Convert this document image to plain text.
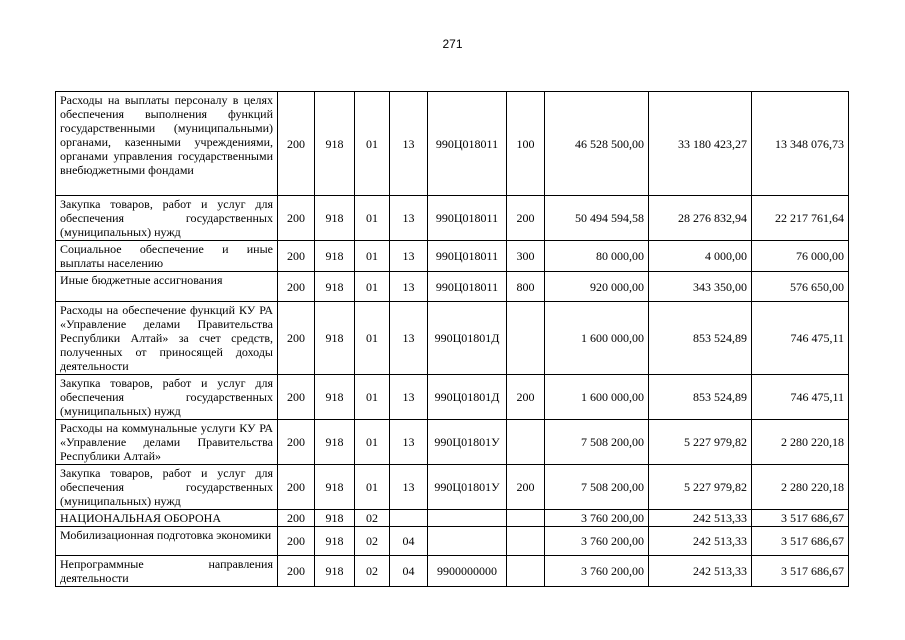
271
Расходы на выплаты персоналу в целях обеспечения выполнения функций государственными (муниципальными) органами, казенными учреждениями, органами управления государственными внебюджетными фондами	200	918	01	13	990Ц018011	100	46 528 500,00	33 180 423,27	13 348 076,73
Закупка товаров, работ и услуг для обеспечения государственных (муниципальных) нужд	200	918	01	13	990Ц018011	200	50 494 594,58	28 276 832,94	22 217 761,64
Социальное обеспечение и иные выплаты населению	200	918	01	13	990Ц018011	300	80 000,00	4 000,00	76 000,00
Иные бюджетные ассигнования	200	918	01	13	990Ц018011	800	920 000,00	343 350,00	576 650,00
Расходы на обеспечение функций КУ РА «Управление делами Правительства Республики Алтай» за счет средств, полученных от приносящей доходы деятельности	200	918	01	13	990Ц01801Д		1 600 000,00	853 524,89	746 475,11
Закупка товаров, работ и услуг для обеспечения государственных (муниципальных) нужд	200	918	01	13	990Ц01801Д	200	1 600 000,00	853 524,89	746 475,11
Расходы на коммунальные услуги КУ РА «Управление делами Правительства Республики Алтай»	200	918	01	13	990Ц01801У		7 508 200,00	5 227 979,82	2 280 220,18
Закупка товаров, работ и услуг для обеспечения государственных (муниципальных) нужд	200	918	01	13	990Ц01801У	200	7 508 200,00	5 227 979,82	2 280 220,18
НАЦИОНАЛЬНАЯ ОБОРОНА	200	918	02				3 760 200,00	242 513,33	3 517 686,67
Мобилизационная подготовка экономики	200	918	02	04			3 760 200,00	242 513,33	3 517 686,67
Непрограммные направления деятельности	200	918	02	04	9900000000		3 760 200,00	242 513,33	3 517 686,67
